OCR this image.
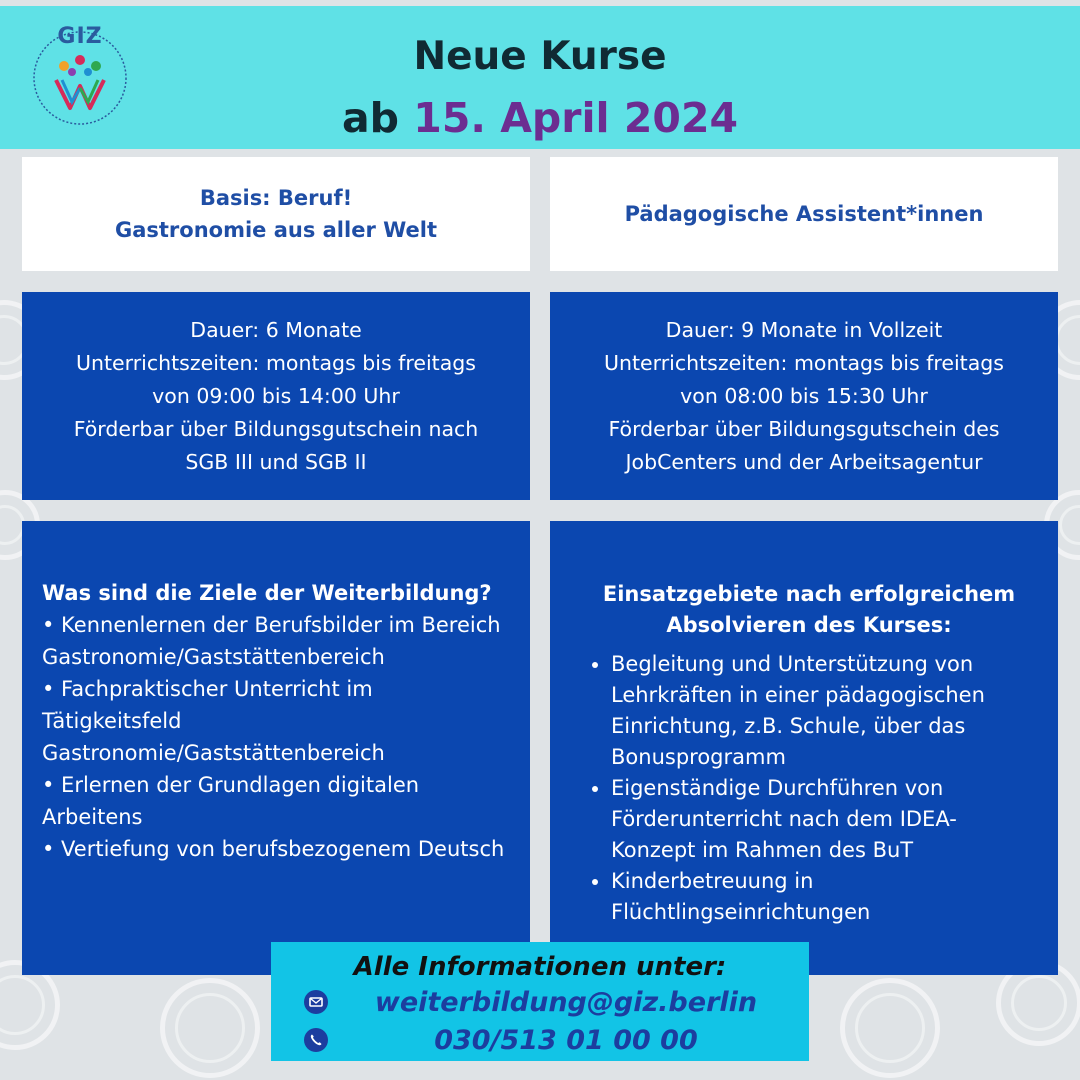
GIZ	Neue Kurse
ab 15. April 2024
Basis: Beruf!
Gastronomie aus aller Welt
Pädagogische Assistent*innen
Dauer: 6 Monate
Unterrichtszeiten: montags bis freitags
von 09:00 bis 14:00 Uhr
Förderbar über Bildungsgutschein nach
SGB III und SGB II
Dauer: 9 Monate in Vollzeit
Unterrichtszeiten: montags bis freitags
von 08:00 bis 15:30 Uhr
Förderbar über Bildungsgutschein des
JobCenters und der Arbeitsagentur

Was sind die Ziele der Weiterbildung?

• Kennenlernen der Berufsbilder im Bereich Gastronomie/Gaststättenbereich

• Fachpraktischer Unterricht im Tätigkeitsfeld Gastronomie/Gaststättenbereich

• Erlernen der Grundlagen digitalen Arbeitens

• Vertiefung von berufsbezogenem Deutsch

Einsatzgebiete nach erfolgreichem
Absolvieren des Kurses:
• Begleitung und Unterstützung von Lehrkräften in einer pädagogischen Einrichtung, z.B. Schule, über das Bonusprogramm
• Eigenständige Durchführen von Förderunterricht nach dem IDEA-Konzept im Rahmen des BuT
• Kinderbetreuung in Flüchtlingseinrichtungen
Alle Informationen unter:
weiterbildung@giz.berlin
030/513 01 00 00
